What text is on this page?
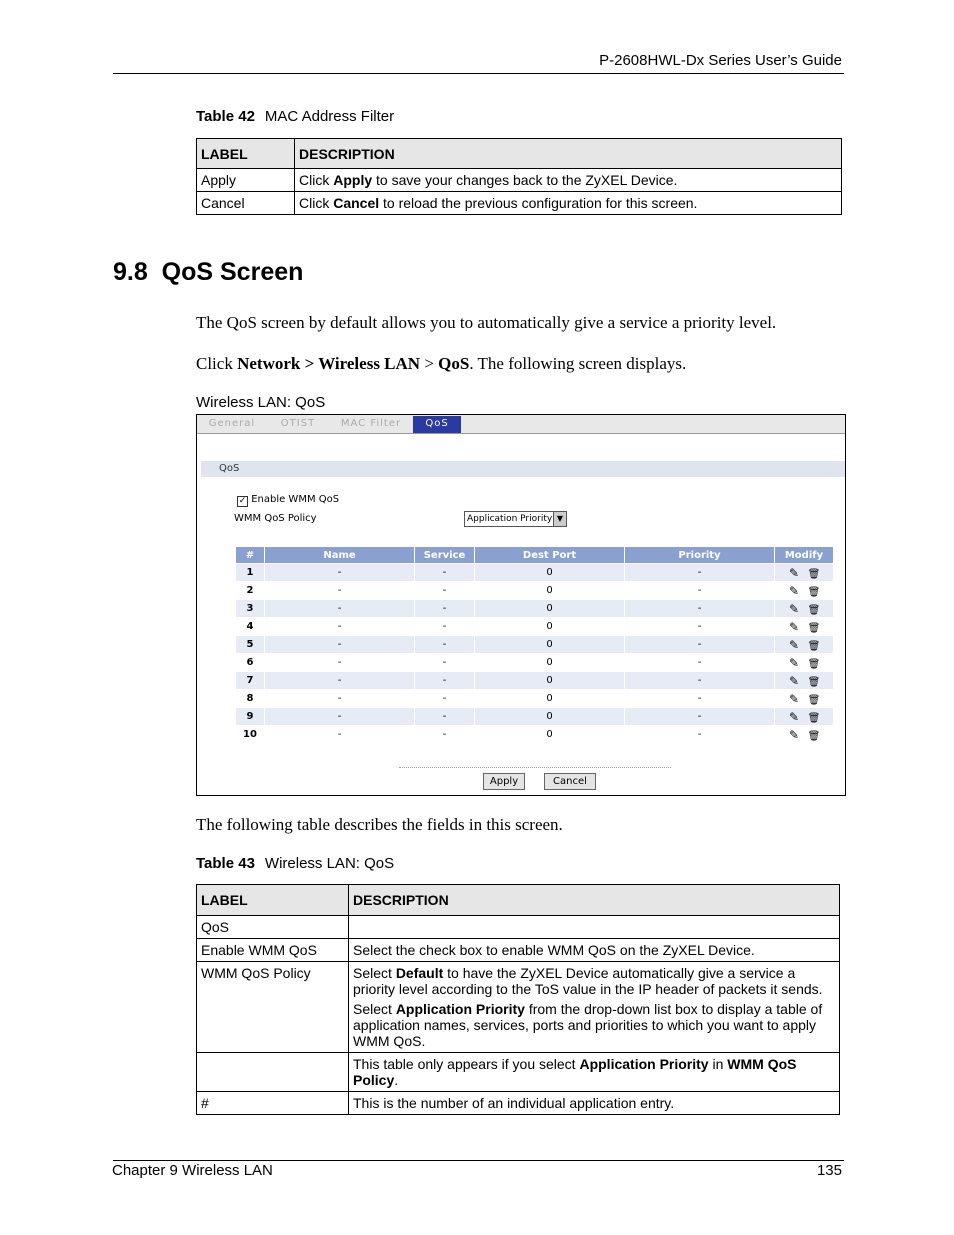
P-2608HWL-Dx Series User’s Guide
Table 42 MAC Address Filter
LABEL	DESCRIPTION
Apply	Click Apply to save your changes back to the ZyXEL Device.
Cancel	Click Cancel to reload the previous configuration for this screen.
9.8 QoS Screen
The QoS screen by default allows you to automatically give a service a priority level.
Click Network > Wireless LAN > QoS. The following screen displays.
Wireless LAN: QoS
General	OTIST	MAC Filter	QoS
QoS
✓ Enable WMM QoS
WMM QoS Policy	Application Priority ▼
#	Name	Service	Dest Port	Priority	Modify
1	-	-	0	-	✎ 🗑
2	-	-	0	-	✎ 🗑
3	-	-	0	-	✎ 🗑
4	-	-	0	-	✎ 🗑
5	-	-	0	-	✎ 🗑
6	-	-	0	-	✎ 🗑
7	-	-	0	-	✎ 🗑
8	-	-	0	-	✎ 🗑
9	-	-	0	-	✎ 🗑
10	-	-	0	-	✎ 🗑
Apply	Cancel
The following table describes the fields in this screen.
Table 43 Wireless LAN: QoS
LABEL	DESCRIPTION
QoS	
Enable WMM QoS	Select the check box to enable WMM QoS on the ZyXEL Device.
WMM QoS Policy	Select Default to have the ZyXEL Device automatically give a service a priority level according to the ToS value in the IP header of packets it sends.
Select Application Priority from the drop-down list box to display a table of application names, services, ports and priorities to which you want to apply WMM QoS.

	This table only appears if you select Application Priority in WMM QoS Policy.
#	This is the number of an individual application entry.
Chapter 9 Wireless LAN	135
